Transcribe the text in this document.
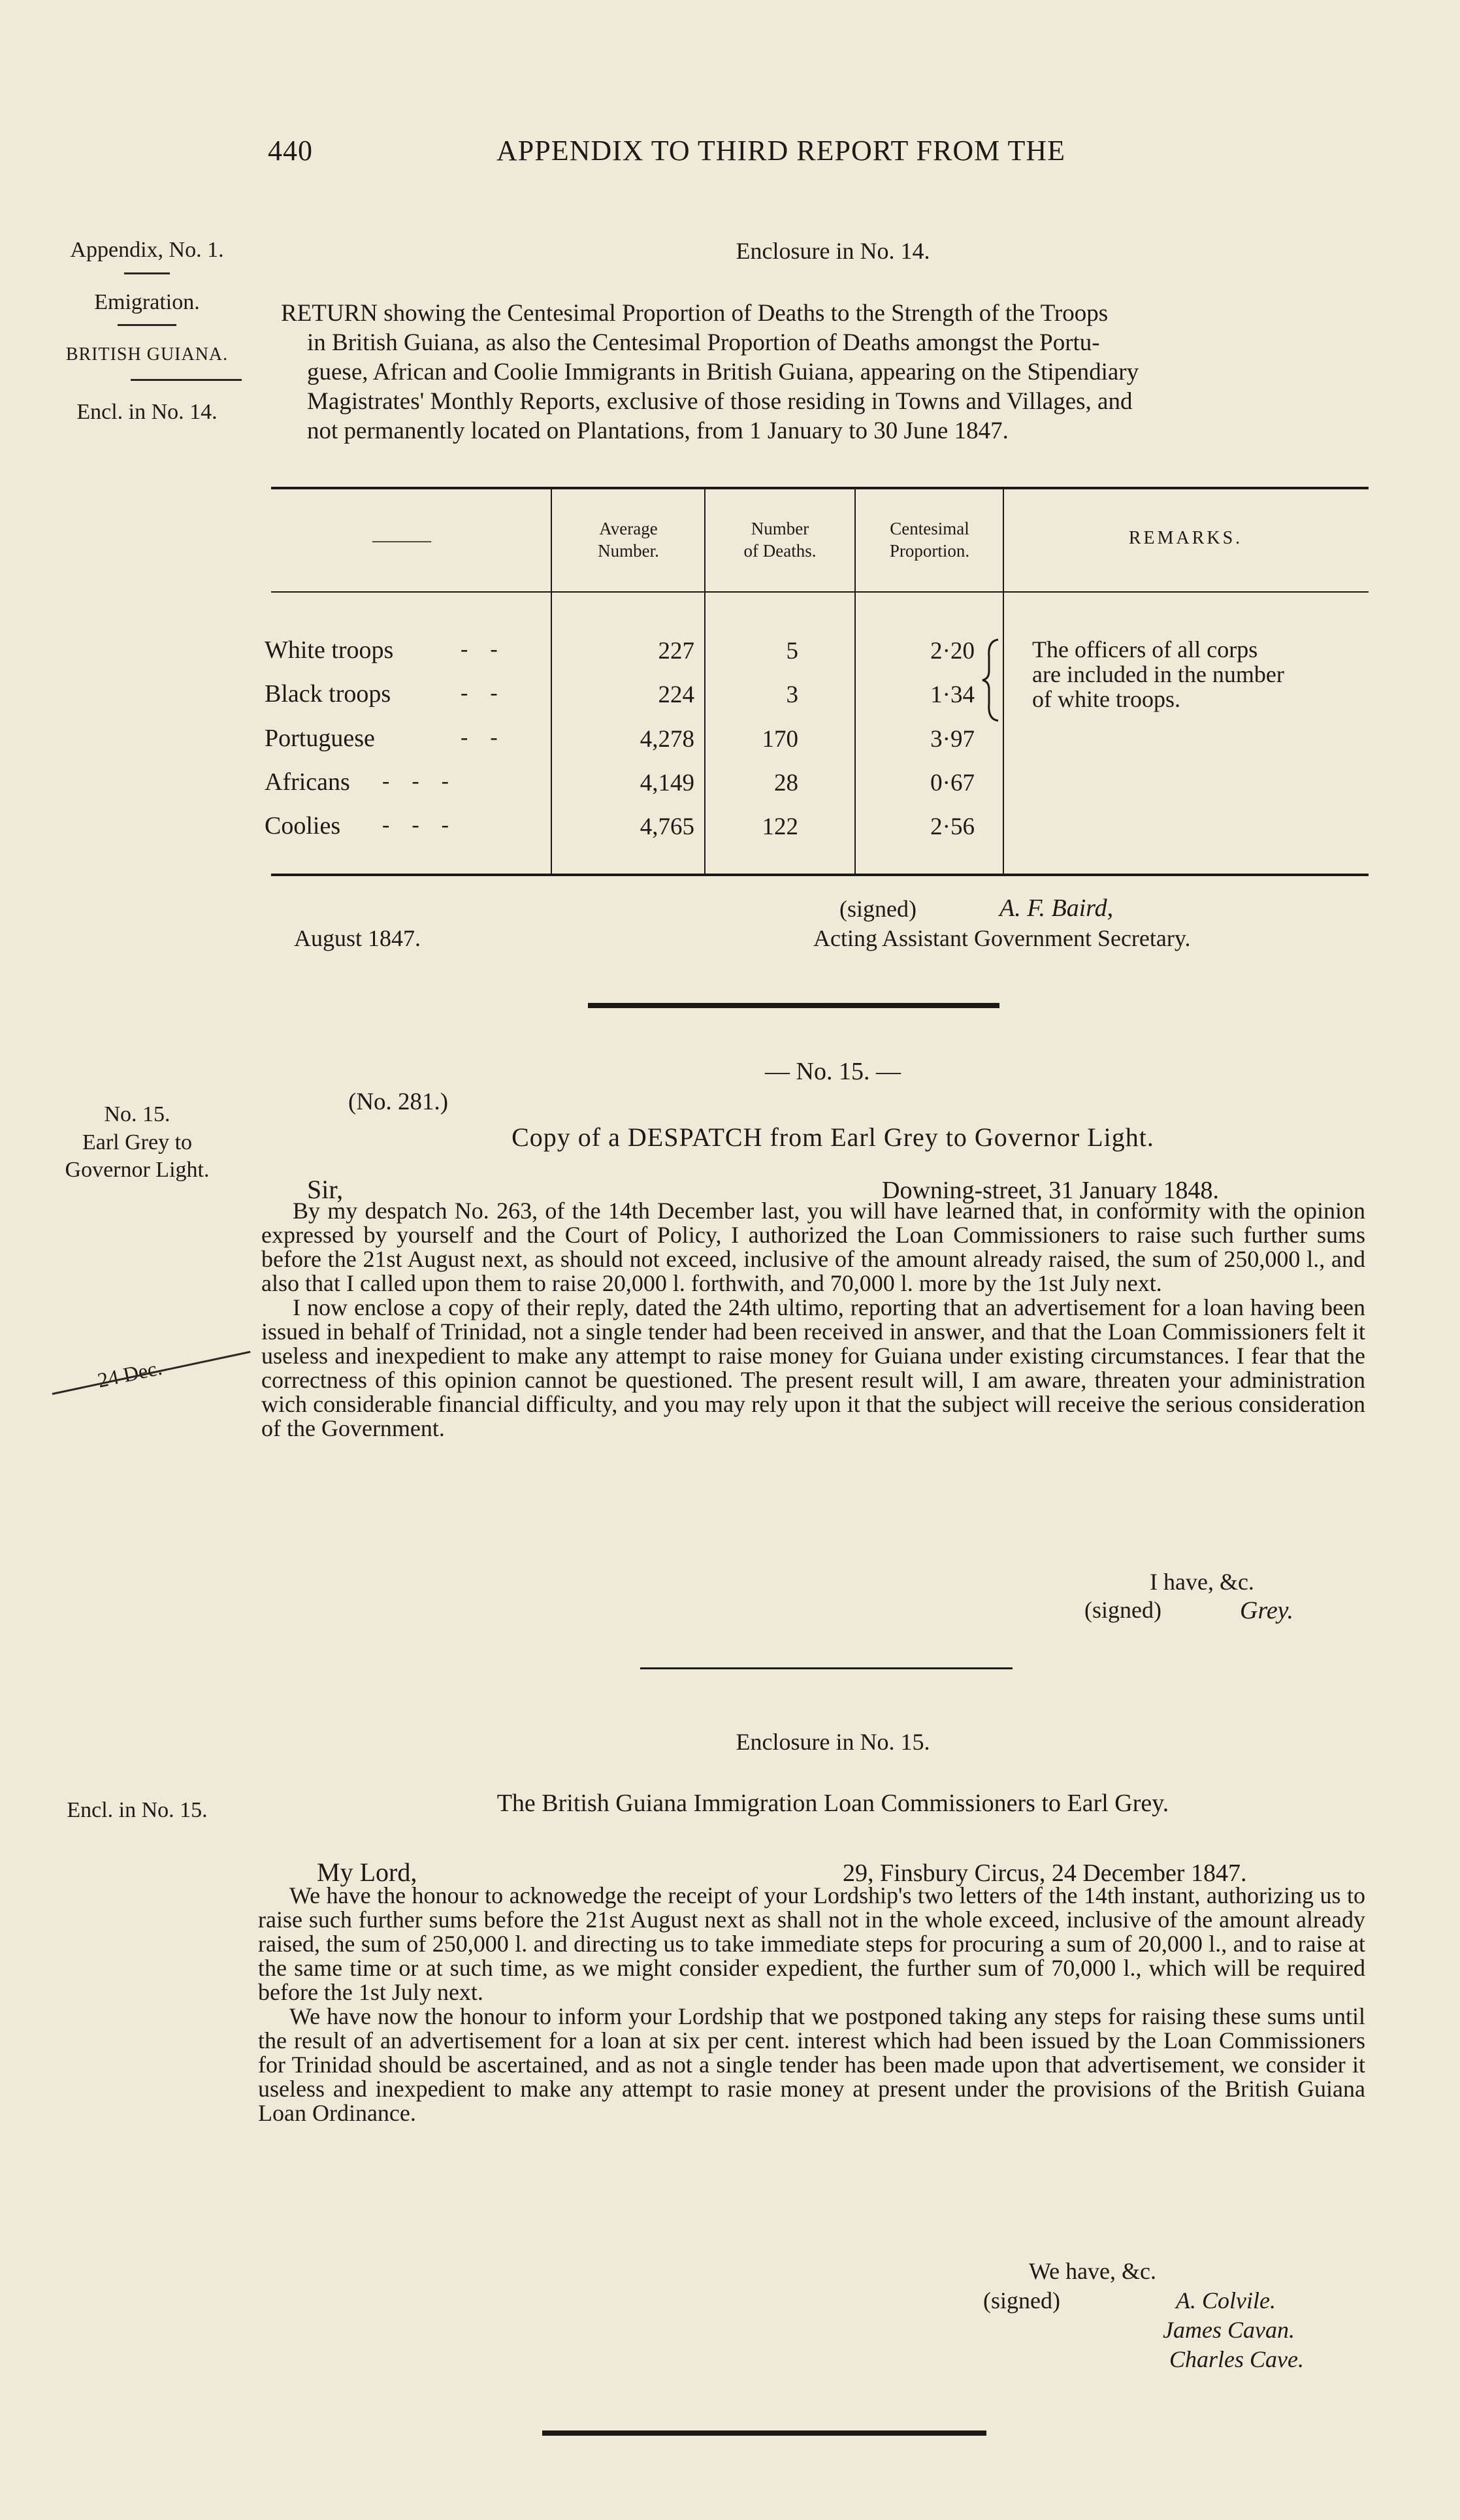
440	APPENDIX TO THIRD REPORT FROM THE
Appendix, No. 1.
Emigration.
BRITISH GUIANA.
Encl. in No. 14.
No. 15.
Earl Grey to
Governor Light.
24 Dec.
Encl. in No. 15.
Enclosure in No. 14.
RETURN showing the Centesimal Proportion of Deaths to the Strength of the Troops
in British Guiana, as also the Centesimal Proportion of Deaths amongst the Portu-
guese, African and Coolie Immigrants in British Guiana, appearing on the Stipendiary
Magistrates' Monthly Reports, exclusive of those residing in Towns and Villages, and
not permanently located on Plantations, from 1 January to 30 June 1847.
———
Average
Number.
Number
of Deaths.
Centesimal
Proportion.
REMARKS.
White troops	-    -	227	5	2·20
Black troops	-    -	224	3	1·34
Portuguese	-    -	4,278	170	3·97
Africans -    -    -	4,149	28	0·67
Coolies -    -    -	4,765	122	2·56
The officers of all corps
are included in the number
of white troops.
(signed)	A. F. Baird,
August 1847.	Acting Assistant Government Secretary.
— No. 15. —
(No. 281.)
Copy of a DESPATCH from Earl Grey to Governor Light.
Sir,	Downing-street, 31 January 1848.

By my despatch No. 263, of the 14th December last, you will have learned that, in conformity with the opinion expressed by yourself and the Court of Policy, I authorized the Loan Commissioners to raise such further sums before the 21st August next, as should not exceed, inclusive of the amount already raised, the sum of 250,000 l., and also that I called upon them to raise 20,000 l. forthwith, and 70,000 l. more by the 1st July next.

I now enclose a copy of their reply, dated the 24th ultimo, reporting that an advertisement for a loan having been issued in behalf of Trinidad, not a single tender had been received in answer, and that the Loan Commissioners felt it useless and inexpedient to make any attempt to raise money for Guiana under existing circumstances. I fear that the correctness of this opinion cannot be questioned. The present result will, I am aware, threaten your administration wich considerable financial difficulty, and you may rely upon it that the subject will receive the serious consideration of the Government.

I have, &c.
(signed)	Grey.
Enclosure in No. 15.
The British Guiana Immigration Loan Commissioners to Earl Grey.
My Lord,	29, Finsbury Circus, 24 December 1847.

We have the honour to acknowedge the receipt of your Lordship's two letters of the 14th instant, authorizing us to raise such further sums before the 21st August next as shall not in the whole exceed, inclusive of the amount already raised, the sum of 250,000 l. and directing us to take immediate steps for procuring a sum of 20,000 l., and to raise at the same time or at such time, as we might consider expedient, the further sum of 70,000 l., which will be required before the 1st July next.

We have now the honour to inform your Lordship that we postponed taking any steps for raising these sums until the result of an advertisement for a loan at six per cent. interest which had been issued by the Loan Commissioners for Trinidad should be ascertained, and as not a single tender has been made upon that advertisement, we consider it useless and inexpedient to make any attempt to rasie money at present under the provisions of the British Guiana Loan Ordinance.

We have, &c.
(signed)	A. Colvile.
James Cavan.
Charles Cave.
